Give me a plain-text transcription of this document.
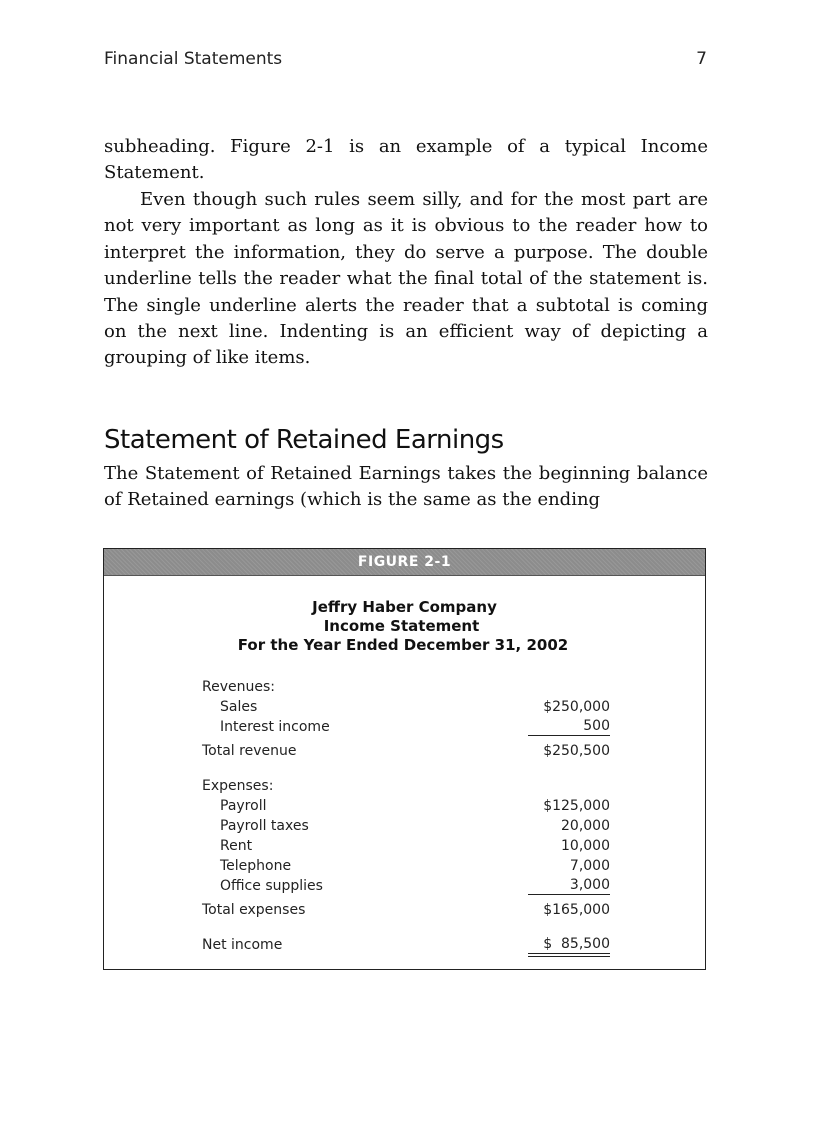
Financial Statements	7

subheading. Figure 2-1 is an example of a typical Income Statement.

Even though such rules seem silly, and for the most part are not very important as long as it is obvious to the reader how to interpret the information, they do serve a purpose. The double underline tells the reader what the final total of the statement is. The single underline alerts the reader that a subtotal is coming on the next line. Indenting is an efficient way of depicting a grouping of like items.

Statement of Retained Earnings

The Statement of Retained Earnings takes the beginning balance of Retained earnings (which is the same as the ending

FIGURE 2-1
Jeffry Haber Company
Income Statement
For the Year Ended December 31, 2002
Revenues:
Sales	$250,000
Interest income	500
Total revenue	$250,500
Expenses:
Payroll	$125,000
Payroll taxes	20,000
Rent	10,000
Telephone	7,000
Office supplies	3,000
Total expenses	$165,000
Net income	$  85,500
